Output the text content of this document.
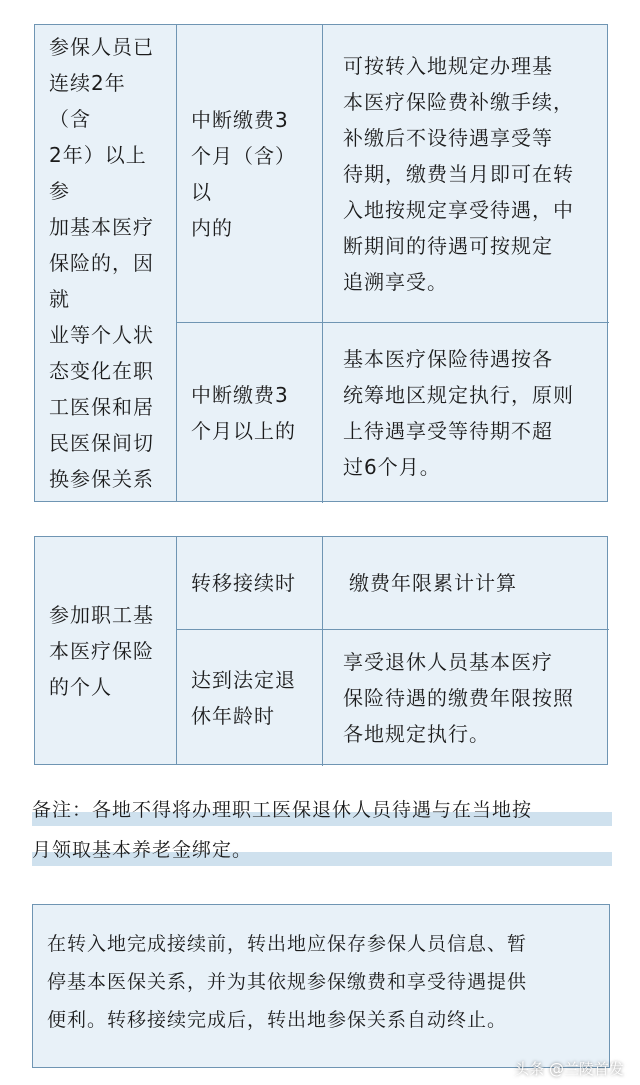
参保人员已
连续2年（含
2年）以上参
加基本医疗
保险的，因就
业等个人状
态变化在职
工医保和居
民医保间切
换参保关系
中断缴费3
个月（含）以
内的
可按转入地规定办理基
本医疗保险费补缴手续，
补缴后不设待遇享受等
待期，缴费当月即可在转
入地按规定享受待遇，中
断期间的待遇可按规定
追溯享受。
中断缴费3
个月以上的
基本医疗保险待遇按各
统筹地区规定执行，原则
上待遇享受等待期不超
过6个月。
参加职工基
本医疗保险
的个人
转移接续时	缴费年限累计计算
达到法定退
休年龄时
享受退休人员基本医疗
保险待遇的缴费年限按照
各地规定执行。
备注：各地不得将办理职工医保退休人员待遇与在当地按
月领取基本养老金绑定。
在转入地完成接续前，转出地应保存参保人员信息、暂
停基本医保关系，并为其依规参保缴费和享受待遇提供
便利。转移接续完成后，转出地参保关系自动终止。
头条 @兰陵首发
